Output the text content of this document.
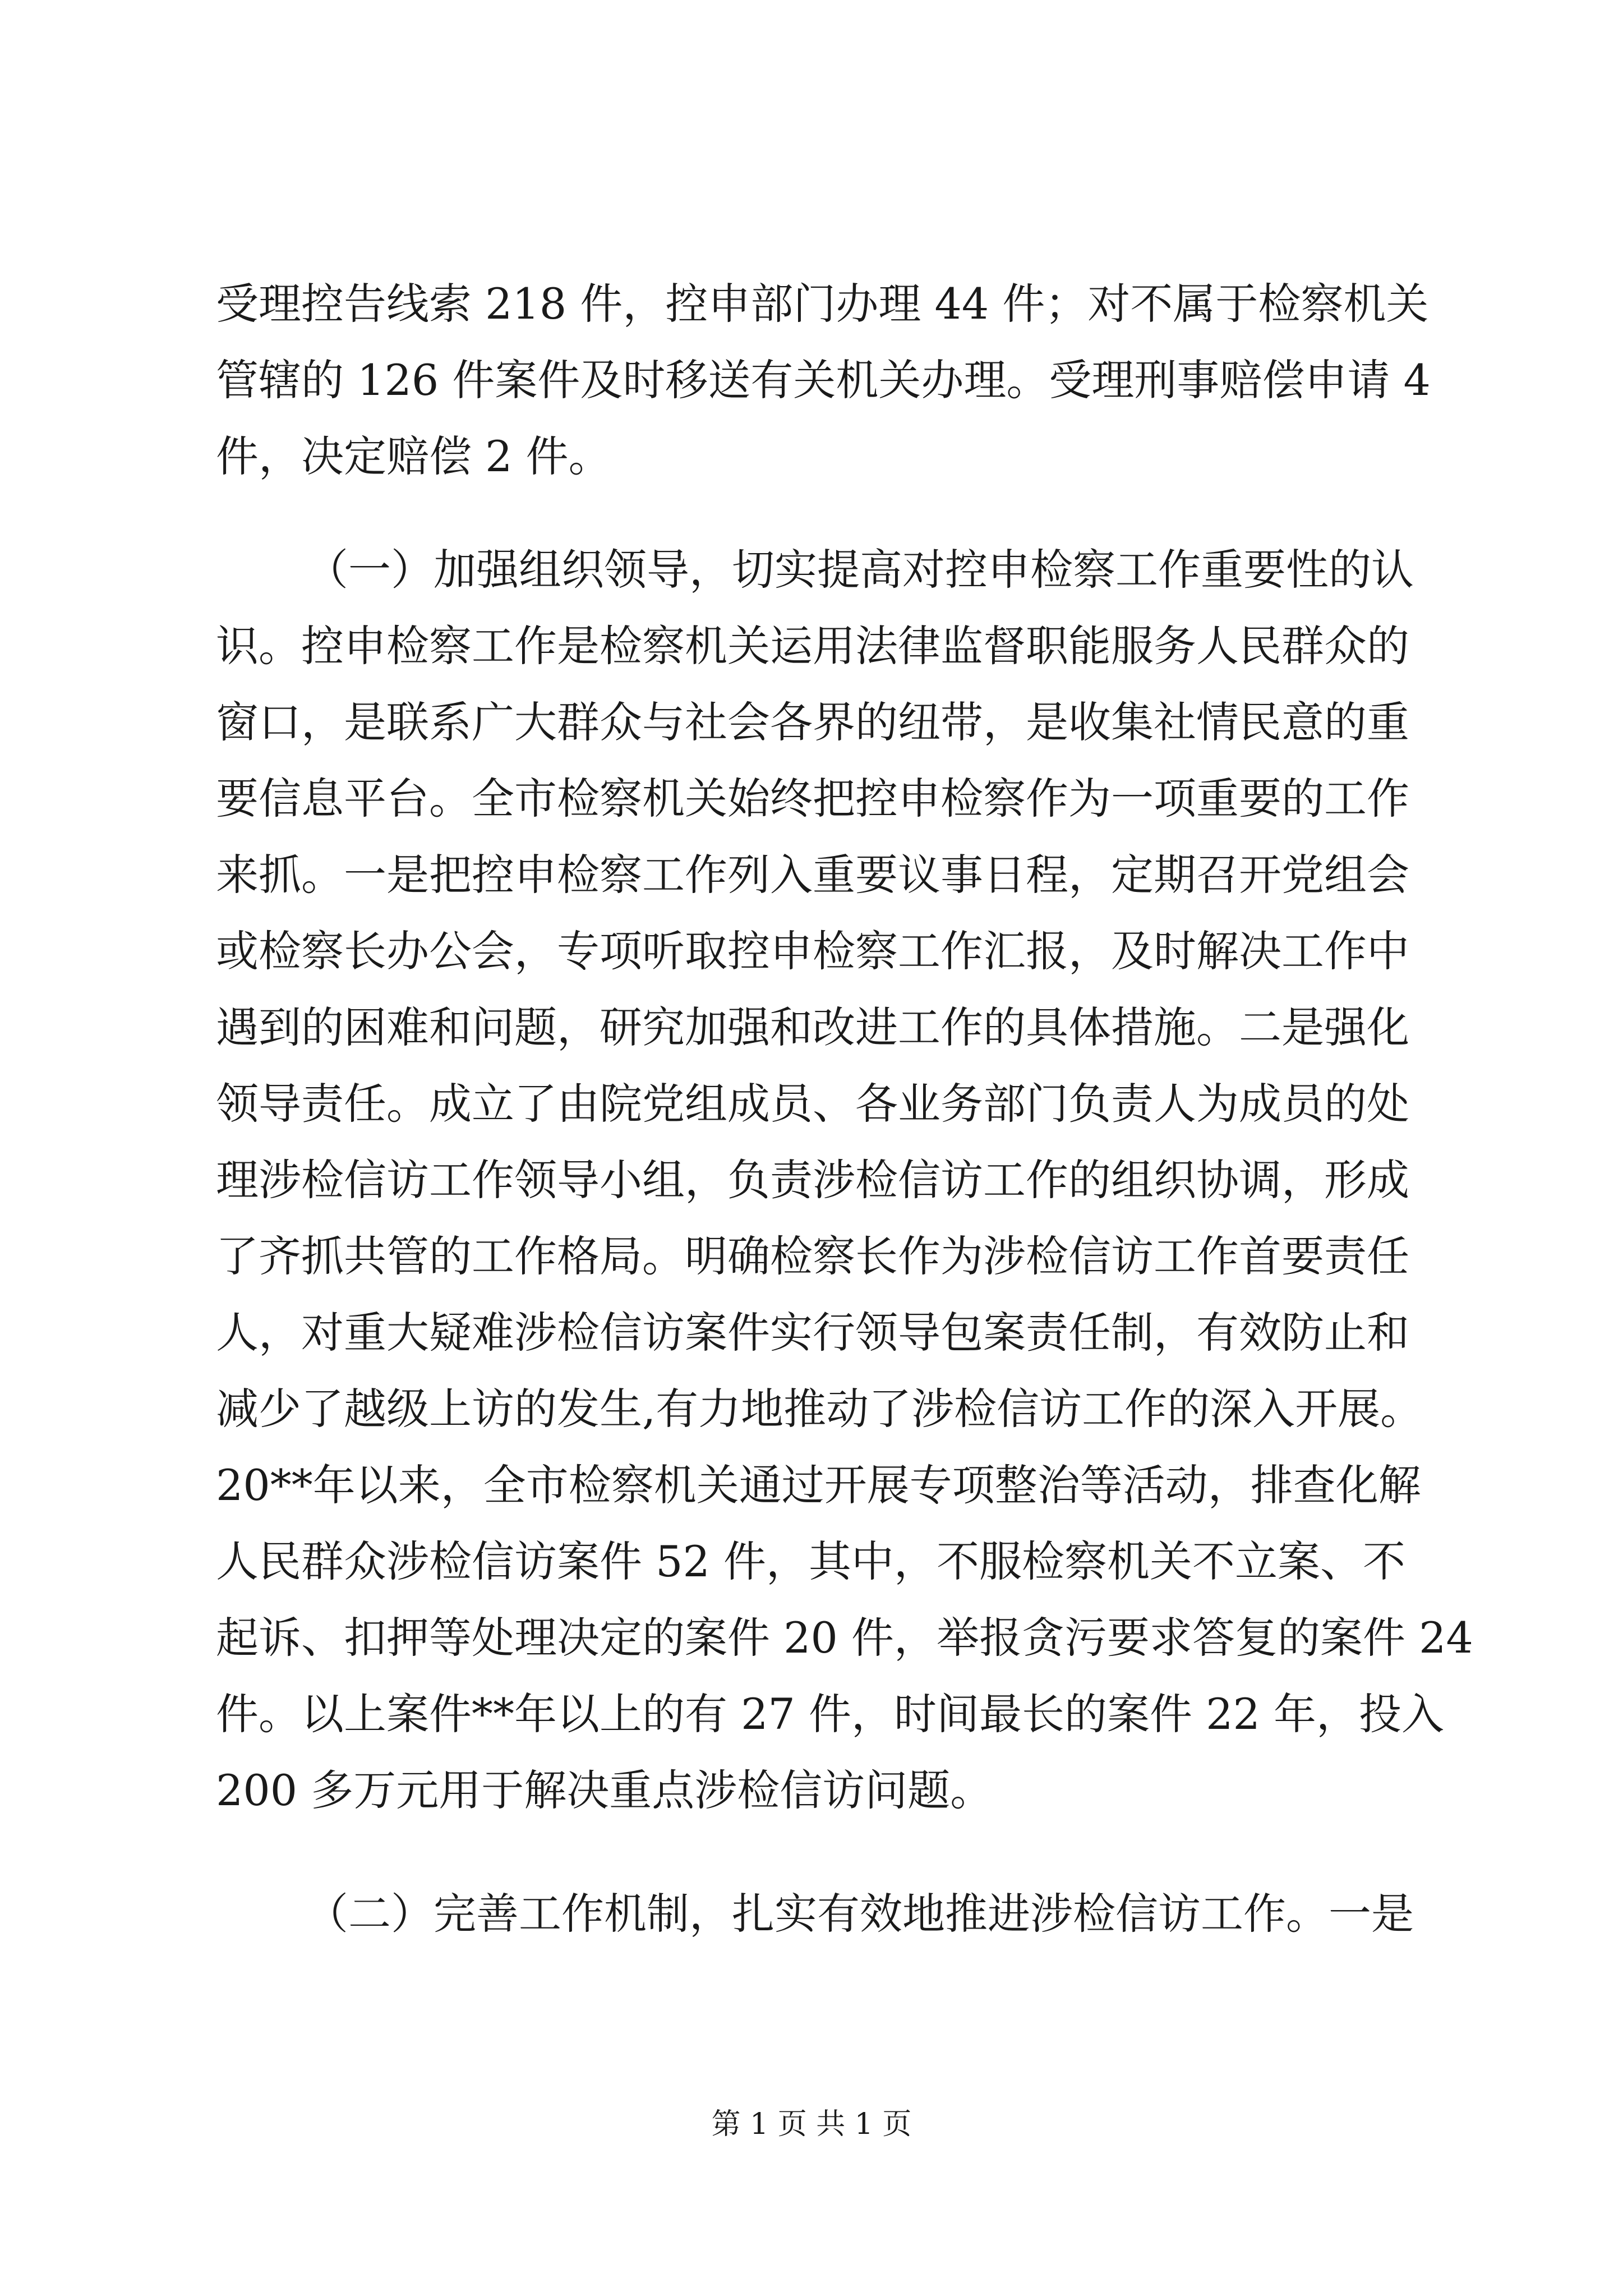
受理控告线索 218 件，控申部门办理 44 件；对不属于检察机关
管辖的 126 件案件及时移送有关机关办理。受理刑事赔偿申请 4
件，决定赔偿 2 件。
（一）加强组织领导，切实提高对控申检察工作重要性的认
识。控申检察工作是检察机关运用法律监督职能服务人民群众的
窗口，是联系广大群众与社会各界的纽带，是收集社情民意的重
要信息平台。全市检察机关始终把控申检察作为一项重要的工作
来抓。一是把控申检察工作列入重要议事日程，定期召开党组会
或检察长办公会，专项听取控申检察工作汇报，及时解决工作中
遇到的困难和问题，研究加强和改进工作的具体措施。二是强化
领导责任。成立了由院党组成员、各业务部门负责人为成员的处
理涉检信访工作领导小组，负责涉检信访工作的组织协调，形成
了齐抓共管的工作格局。明确检察长作为涉检信访工作首要责任
人，对重大疑难涉检信访案件实行领导包案责任制，有效防止和
减少了越级上访的发生,有力地推动了涉检信访工作的深入开展。
20**年以来，全市检察机关通过开展专项整治等活动，排查化解
人民群众涉检信访案件 52 件，其中，不服检察机关不立案、不
起诉、扣押等处理决定的案件 20 件，举报贪污要求答复的案件 24
件。以上案件**年以上的有 27 件，时间最长的案件 22 年，投入
200 多万元用于解决重点涉检信访问题。
（二）完善工作机制，扎实有效地推进涉检信访工作。一是
第 1 页 共 1 页
